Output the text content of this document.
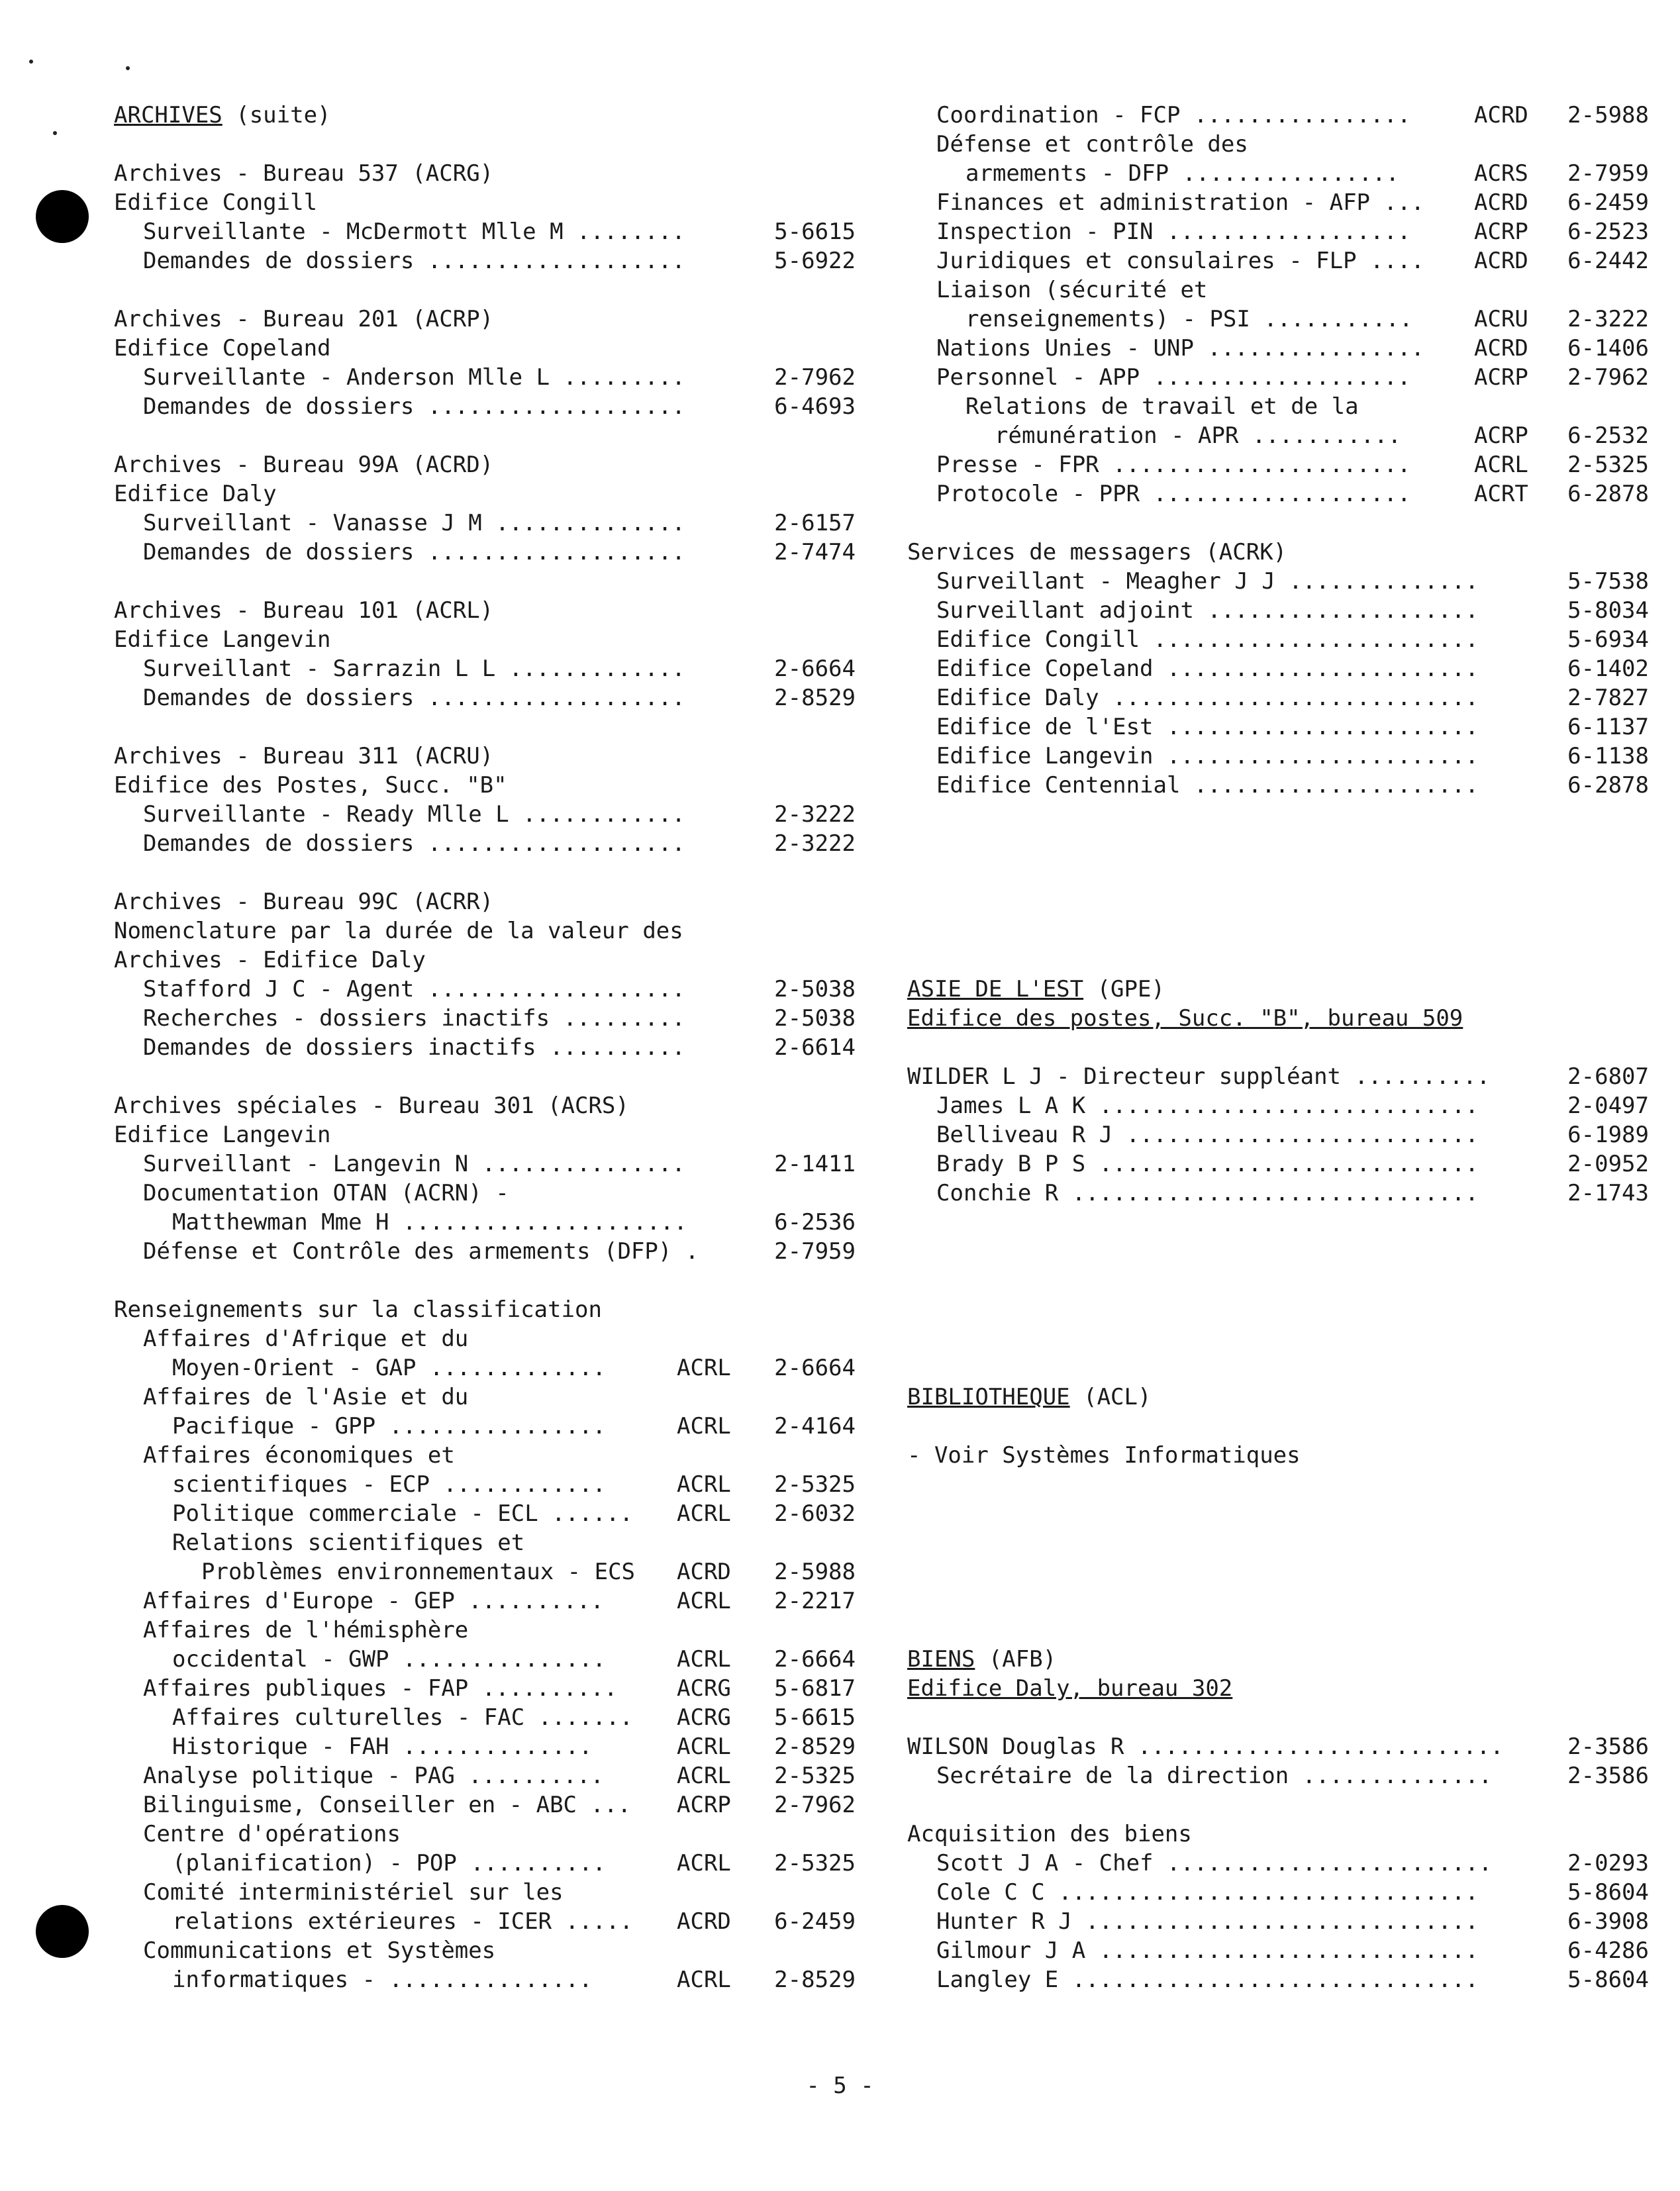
ARCHIVES (suite)
Archives - Bureau 537 (ACRG)
Edifice Congill
Surveillante - McDermott Mlle M ........	5-6615
Demandes de dossiers ...................	5-6922
Archives - Bureau 201 (ACRP)
Edifice Copeland
Surveillante - Anderson Mlle L .........	2-7962
Demandes de dossiers ...................	6-4693
Archives - Bureau 99A (ACRD)
Edifice Daly
Surveillant - Vanasse J M ..............	2-6157
Demandes de dossiers ...................	2-7474
Archives - Bureau 101 (ACRL)
Edifice Langevin
Surveillant - Sarrazin L L .............	2-6664
Demandes de dossiers ...................	2-8529
Archives - Bureau 311 (ACRU)
Edifice des Postes, Succ. "B"
Surveillante - Ready Mlle L ............	2-3222
Demandes de dossiers ...................	2-3222
Archives - Bureau 99C (ACRR)
Nomenclature par la durée de la valeur des
Archives - Edifice Daly
Stafford J C - Agent ...................	2-5038
Recherches - dossiers inactifs .........	2-5038
Demandes de dossiers inactifs ..........	2-6614
Archives spéciales - Bureau 301 (ACRS)
Edifice Langevin
Surveillant - Langevin N ...............	2-1411
Documentation OTAN (ACRN) -
Matthewman Mme H .....................	6-2536
Défense et Contrôle des armements (DFP) .	2-7959
Renseignements sur la classification
Affaires d'Afrique et du
Moyen-Orient - GAP .............	ACRL 2-6664
Affaires de l'Asie et du
Pacifique - GPP ................	ACRL 2-4164
Affaires économiques et
scientifiques - ECP ............	ACRL 2-5325
Politique commerciale - ECL ...... ACRL 2-6032
Relations scientifiques et
Problèmes environnementaux - ECS ACRD 2-5988
Affaires d'Europe - GEP ..........	ACRL 2-2217
Affaires de l'hémisphère
occidental - GWP ...............	ACRL 2-6664
Affaires publiques - FAP ..........	ACRG 5-6817
Affaires culturelles - FAC ....... ACRG 5-6615
Historique - FAH ..............	ACRL 2-8529
Analyse politique - PAG ..........	ACRL 2-5325
Bilinguisme, Conseiller en - ABC ... ACRP 2-7962
Centre d'opérations
(planification) - POP ..........	ACRL 2-5325
Comité interministériel sur les
relations extérieures - ICER ..... ACRD 6-2459
Communications et Systèmes
informatiques - ...............	ACRL 2-8529
Coordination - FCP ................	ACRD 2-5988
Défense et contrôle des
armements - DFP ................	ACRS 2-7959
Finances et administration - AFP ... ACRD 6-2459
Inspection - PIN ..................	ACRP 6-2523
Juridiques et consulaires - FLP .... ACRD 6-2442
Liaison (sécurité et
renseignements) - PSI ...........	ACRU 2-3222
Nations Unies - UNP ................ ACRD 6-1406
Personnel - APP ...................	ACRP 2-7962
Relations de travail et de la
rémunération - APR ...........	ACRP 6-2532
Presse - FPR ......................	ACRL 2-5325
Protocole - PPR ...................	ACRT 6-2878
Services de messagers (ACRK)
Surveillant - Meagher J J ..............	5-7538
Surveillant adjoint ....................	5-8034
Edifice Congill ........................	5-6934
Edifice Copeland .......................	6-1402
Edifice Daly ...........................	2-7827
Edifice de l'Est .......................	6-1137
Edifice Langevin .......................	6-1138
Edifice Centennial .....................	6-2878
ASIE DE L'EST (GPE)
Edifice des postes, Succ. "B", bureau 509
WILDER L J - Directeur suppléant ..........	2-6807
James L A K ............................	2-0497
Belliveau R J ..........................	6-1989
Brady B P S ............................	2-0952
Conchie R ..............................	2-1743
BIBLIOTHEQUE (ACL)
- Voir Systèmes Informatiques
BIENS (AFB)
Edifice Daly, bureau 302
WILSON Douglas R ...........................	2-3586
Secrétaire de la direction ..............	2-3586
Acquisition des biens
Scott J A - Chef ........................	2-0293
Cole C C ...............................	5-8604
Hunter R J .............................	6-3908
Gilmour J A ............................	6-4286
Langley E ..............................	5-8604
- 5 -
